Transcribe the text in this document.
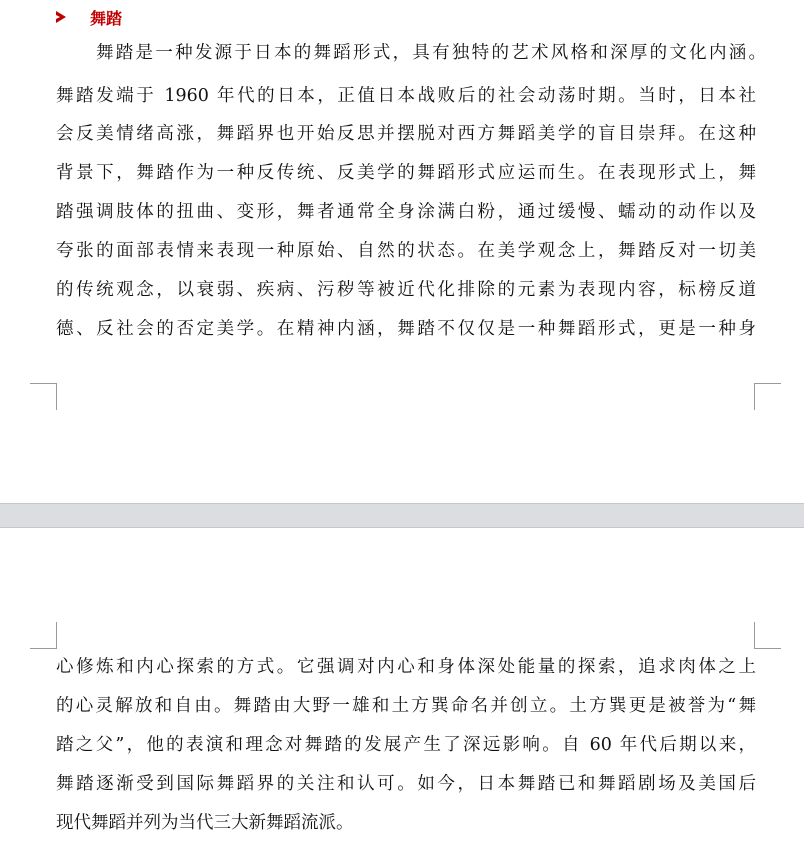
舞踏
舞踏是一种发源于日本的舞蹈形式，具有独特的艺术风格和深厚的文化内涵。
舞踏发端于 1960 年代的日本，正值日本战败后的社会动荡时期。当时，日本社
会反美情绪高涨，舞蹈界也开始反思并摆脱对西方舞蹈美学的盲目崇拜。在这种
背景下，舞踏作为一种反传统、反美学的舞蹈形式应运而生。在表现形式上，舞
踏强调肢体的扭曲、变形，舞者通常全身涂满白粉，通过缓慢、蠕动的动作以及
夸张的面部表情来表现一种原始、自然的状态。在美学观念上，舞踏反对一切美
的传统观念，以衰弱、疾病、污秽等被近代化排除的元素为表现内容，标榜反道
德、反社会的否定美学。在精神内涵，舞踏不仅仅是一种舞蹈形式，更是一种身
心修炼和内心探索的方式。它强调对内心和身体深处能量的探索，追求肉体之上
的心灵解放和自由。舞踏由大野一雄和土方巽命名并创立。土方巽更是被誉为“舞
踏之父”，他的表演和理念对舞踏的发展产生了深远影响。自 60 年代后期以来，
舞踏逐渐受到国际舞蹈界的关注和认可。如今，日本舞踏已和舞蹈剧场及美国后
现代舞蹈并列为当代三大新舞蹈流派。
